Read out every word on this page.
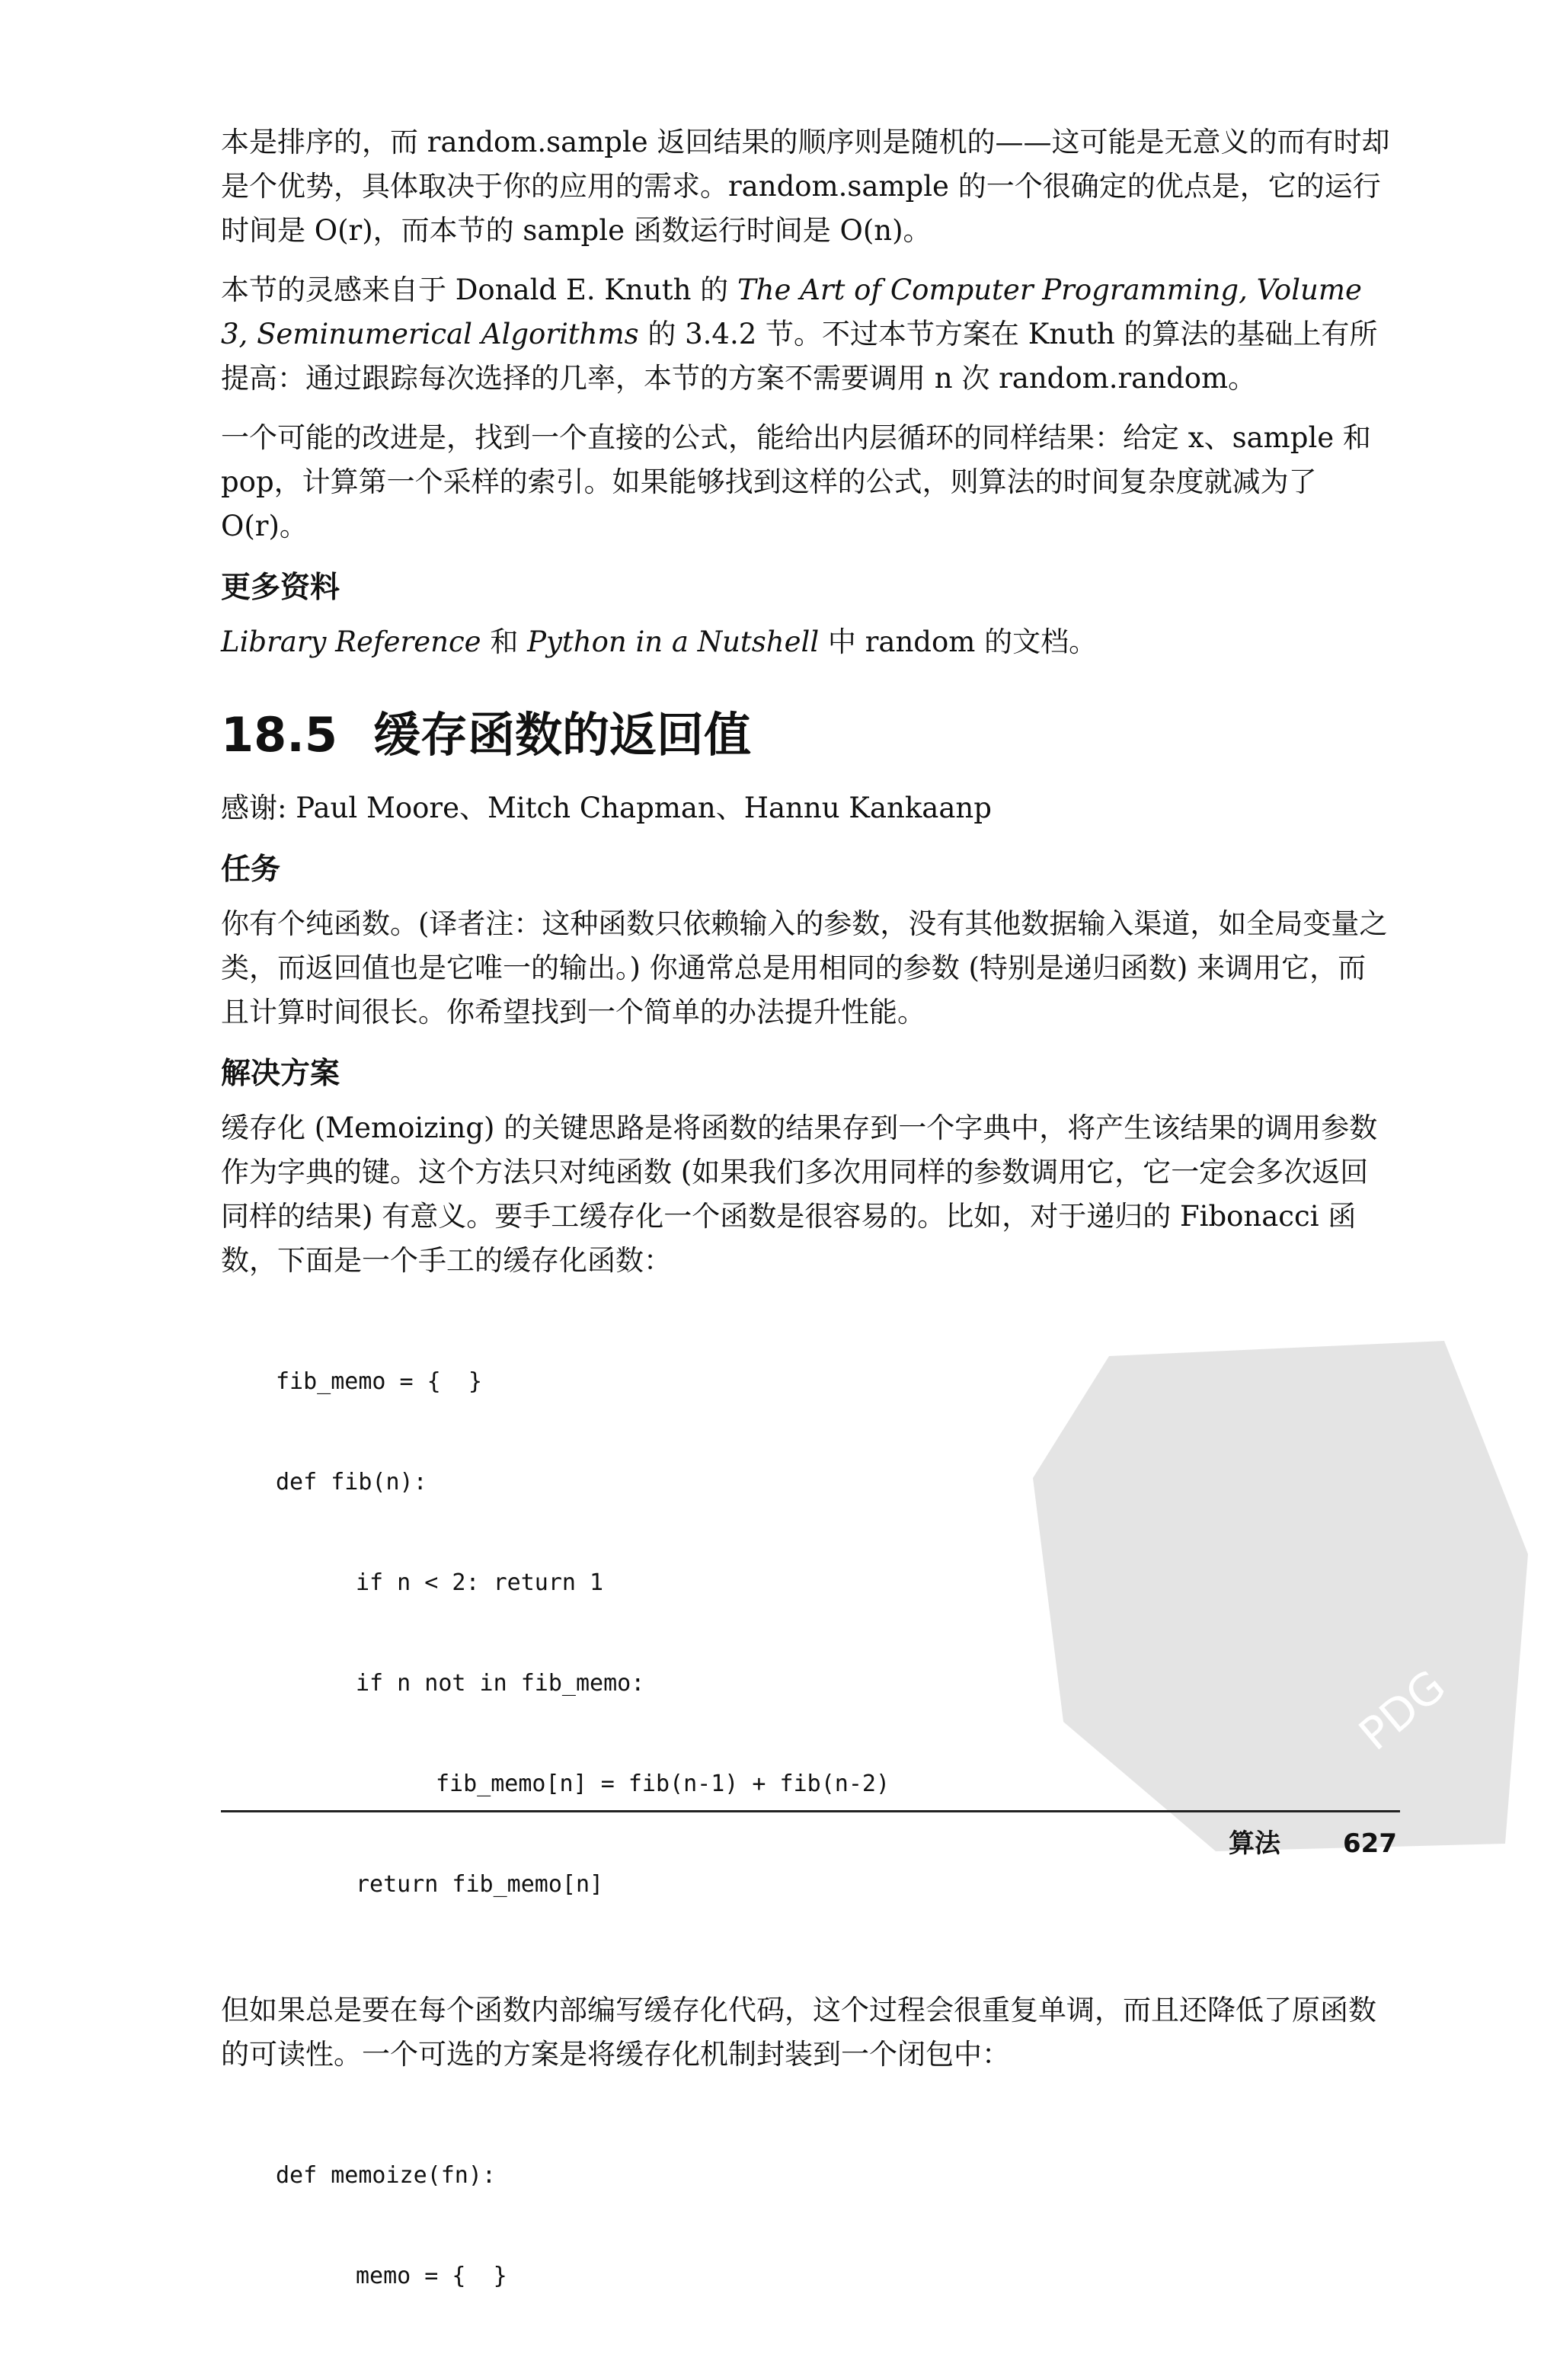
本是排序的，而 random.sample 返回结果的顺序则是随机的——这可能是无意义的而有时却是个优势，具体取决于你的应用的需求。random.sample 的一个很确定的优点是，它的运行时间是 O(r)，而本节的 sample 函数运行时间是 O(n)。

本节的灵感来自于 Donald E. Knuth 的 The Art of Computer Programming, Volume 3, Seminumerical Algorithms 的 3.4.2 节。不过本节方案在 Knuth 的算法的基础上有所提高：通过跟踪每次选择的几率，本节的方案不需要调用 n 次 random.random。

一个可能的改进是，找到一个直接的公式，能给出内层循环的同样结果：给定 x、sample 和 pop，计算第一个采样的索引。如果能够找到这样的公式，则算法的时间复杂度就减为了 O(r)。

更多资料

Library Reference 和 Python in a Nutshell 中 random 的文档。

18.5 缓存函数的返回值

感谢: Paul Moore、Mitch Chapman、Hannu Kankaanp

任务

你有个纯函数。(译者注：这种函数只依赖输入的参数，没有其他数据输入渠道，如全局变量之类，而返回值也是它唯一的输出。) 你通常总是用相同的参数 (特别是递归函数) 来调用它，而且计算时间很长。你希望找到一个简单的办法提升性能。

解决方案

缓存化 (Memoizing) 的关键思路是将函数的结果存到一个字典中，将产生该结果的调用参数作为字典的键。这个方法只对纯函数 (如果我们多次用同样的参数调用它，它一定会多次返回同样的结果) 有意义。要手工缓存化一个函数是很容易的。比如，对于递归的 Fibonacci 函数，下面是一个手工的缓存化函数：

fib_memo = {  }

def fib(n):

if n < 2: return 1

if n not in fib_memo:

fib_memo[n] = fib(n-1) + fib(n-2)

return fib_memo[n]

但如果总是要在每个函数内部编写缓存化代码，这个过程会很重复单调，而且还降低了原函数的可读性。一个可选的方案是将缓存化机制封装到一个闭包中：

def memoize(fn):

memo = {  }

PDG
算法 627
